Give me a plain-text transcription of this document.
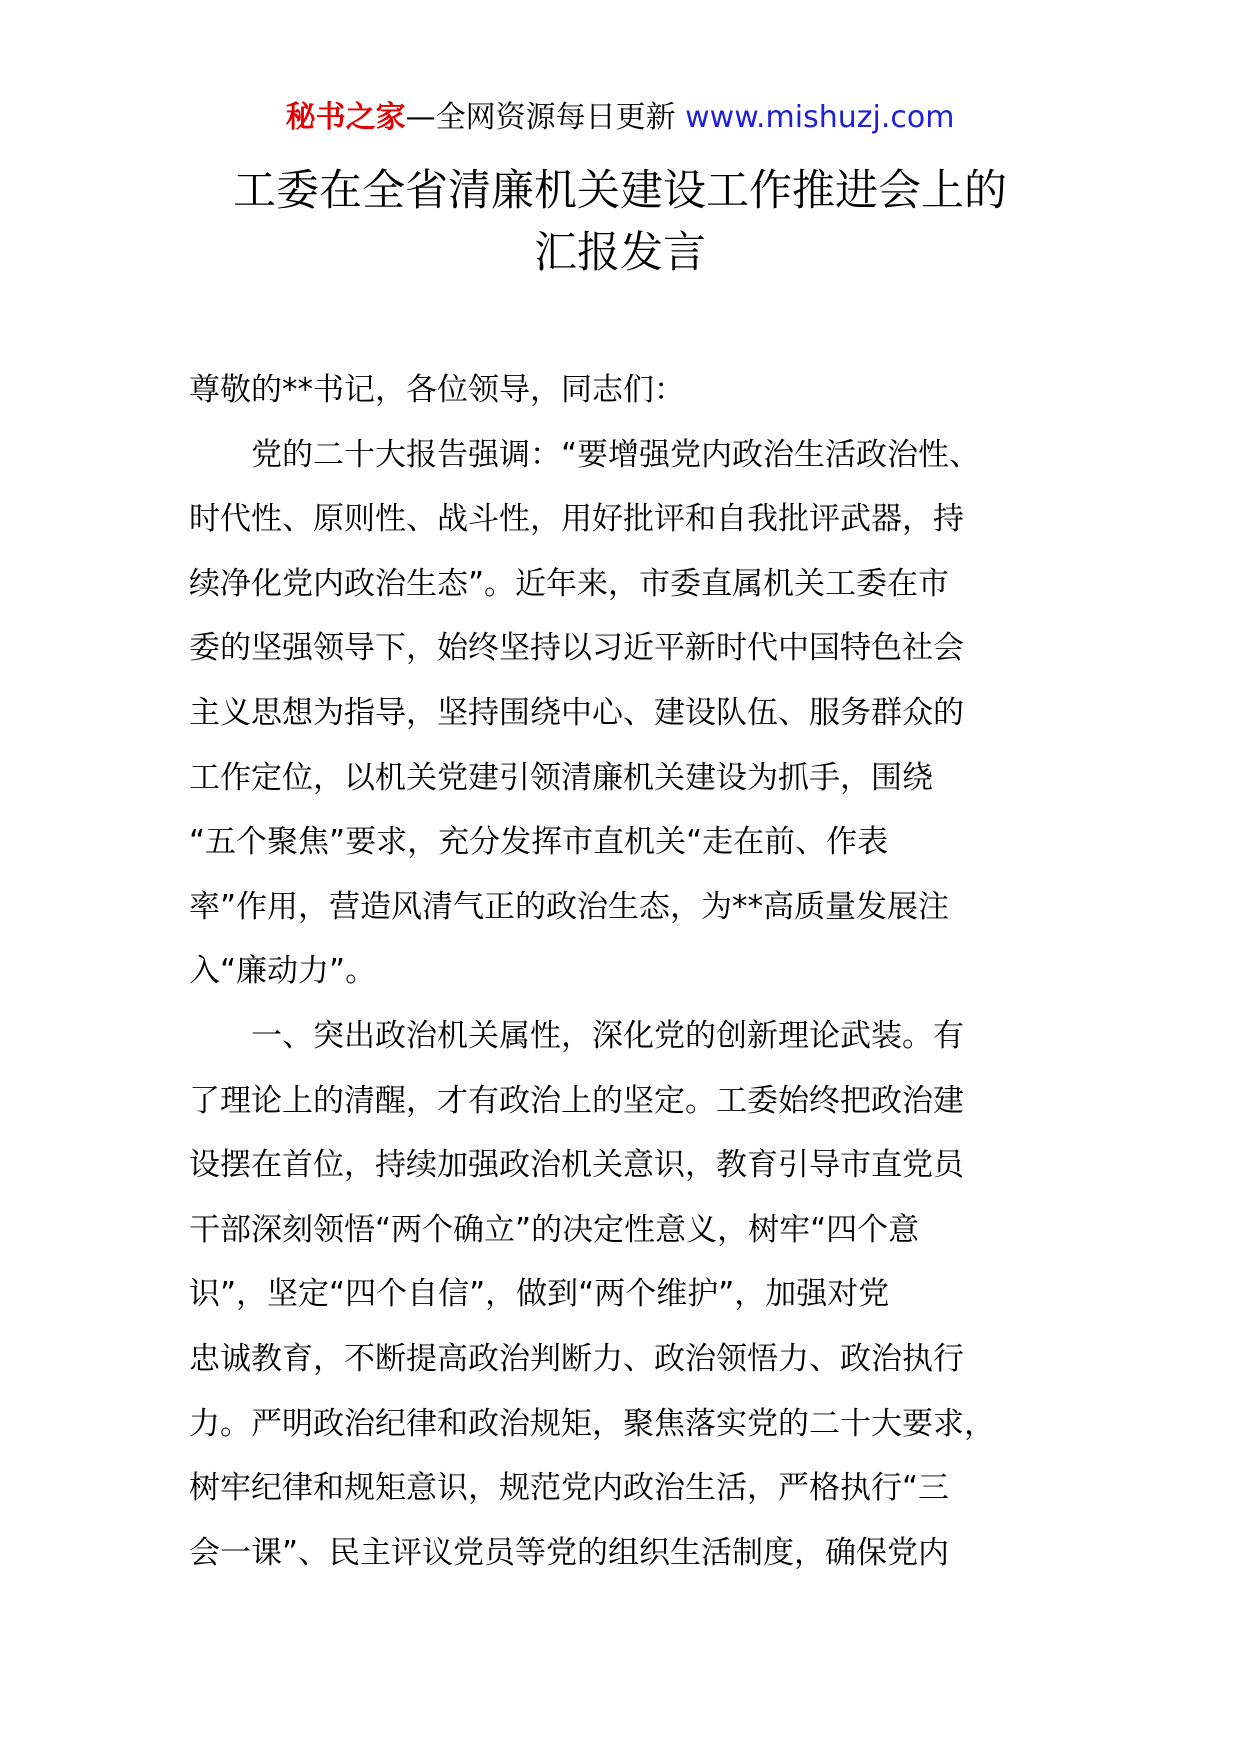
秘书之家—全网资源每日更新 www.mishuzj.com
工委在全省清廉机关建设工作推进会上的
汇报发言
尊敬的**书记，各位领导，同志们：
　　党的二十大报告强调：“要增强党内政治生活政治性、
时代性、原则性、战斗性，用好批评和自我批评武器，持
续净化党内政治生态”。近年来，市委直属机关工委在市
委的坚强领导下，始终坚持以习近平新时代中国特色社会
主义思想为指导，坚持围绕中心、建设队伍、服务群众的
工作定位，以机关党建引领清廉机关建设为抓手，围绕
“五个聚焦”要求，充分发挥市直机关“走在前、作表
率”作用，营造风清气正的政治生态，为**高质量发展注
入“廉动力”。
　　一、突出政治机关属性，深化党的创新理论武装。有
了理论上的清醒，才有政治上的坚定。工委始终把政治建
设摆在首位，持续加强政治机关意识，教育引导市直党员
干部深刻领悟“两个确立”的决定性意义，树牢“四个意
识”，坚定“四个自信”，做到“两个维护”，加强对党
忠诚教育，不断提高政治判断力、政治领悟力、政治执行
力。严明政治纪律和政治规矩，聚焦落实党的二十大要求，
树牢纪律和规矩意识，规范党内政治生活，严格执行“三
会一课”、民主评议党员等党的组织生活制度，确保党内
